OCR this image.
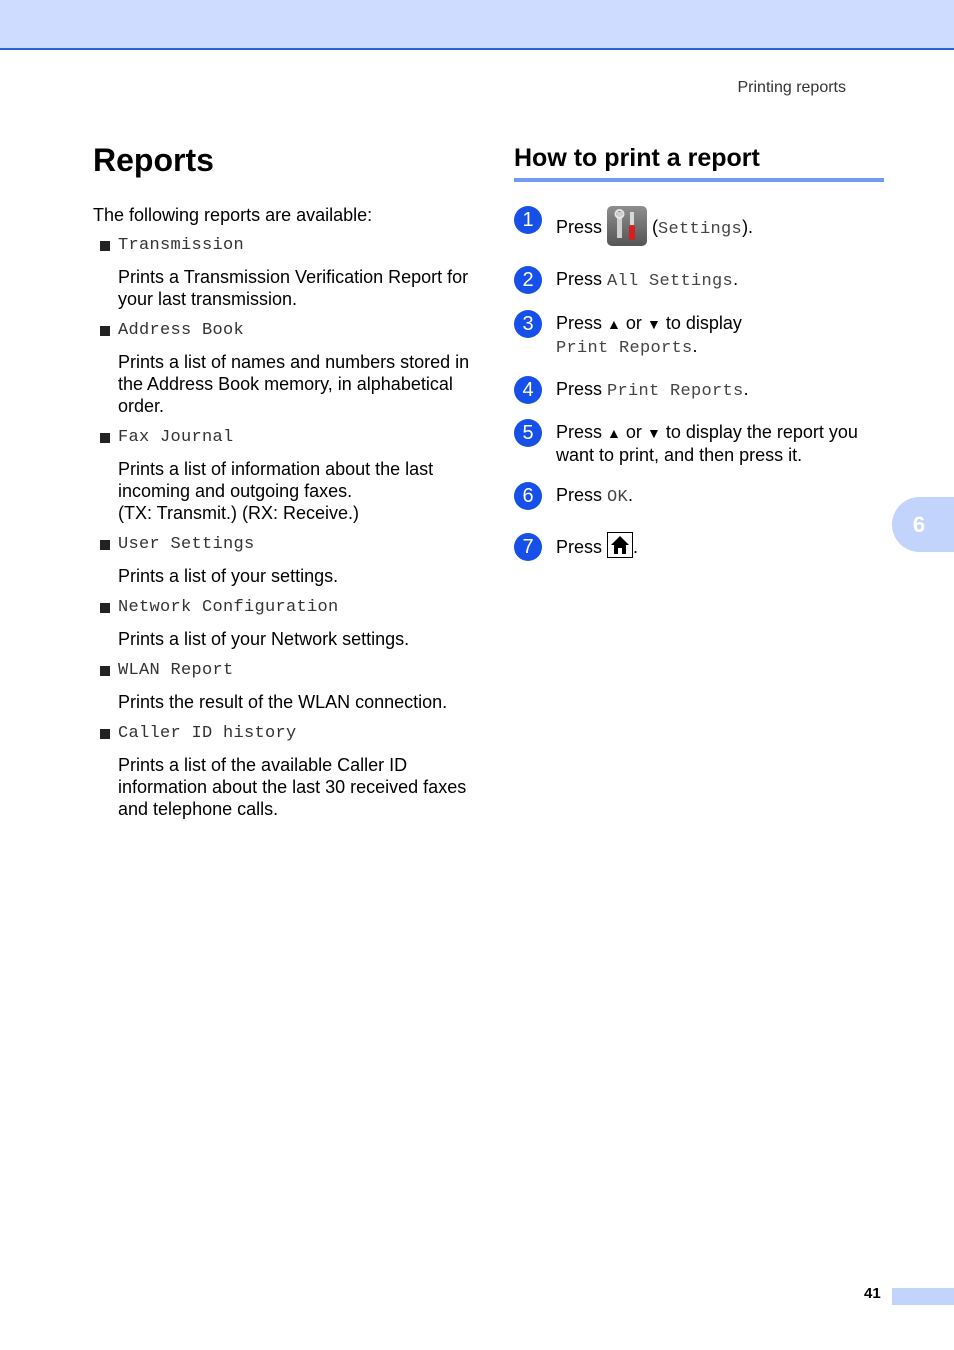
Printing reports
6
Reports
The following reports are available:
Transmission
Prints a Transmission Verification Report for your last transmission.
Address Book
Prints a list of names and numbers stored in the Address Book memory, in alphabetical order.
Fax Journal
Prints a list of information about the last incoming and outgoing faxes.
(TX: Transmit.) (RX: Receive.)
User Settings
Prints a list of your settings.
Network Configuration
Prints a list of your Network settings.
WLAN Report
Prints the result of the WLAN connection.
Caller ID history
Prints a list of the available Caller ID information about the last 30 received faxes and telephone calls.
How to print a report
1	Press	(Settings).
2	Press All Settings.
3	Press ▲ or ▼ to display
Print Reports.
4	Press Print Reports.
5	Press ▲ or ▼ to display the report you want to print, and then press it.
6	Press OK.
7	Press .
41
